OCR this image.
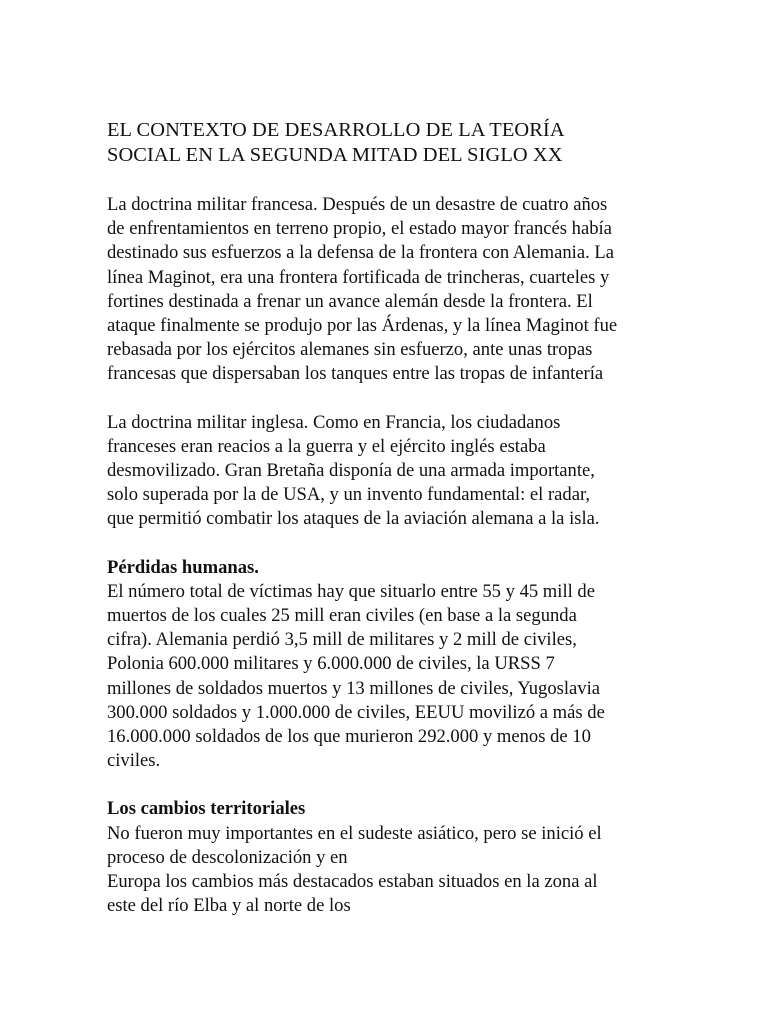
EL CONTEXTO DE DESARROLLO DE LA TEORÍA
SOCIAL EN LA SEGUNDA MITAD DEL SIGLO XX
La doctrina militar francesa. Después de un desastre de cuatro años
de enfrentamientos en terreno propio, el estado mayor francés había
destinado sus esfuerzos a la defensa de la frontera con Alemania. La
línea Maginot, era una frontera fortificada de trincheras, cuarteles y
fortines destinada a frenar un avance alemán desde la frontera. El
ataque finalmente se produjo por las Árdenas, y la línea Maginot fue
rebasada por los ejércitos alemanes sin esfuerzo, ante unas tropas
francesas que dispersaban los tanques entre las tropas de infantería
La doctrina militar inglesa. Como en Francia, los ciudadanos
franceses eran reacios a la guerra y el ejército inglés estaba
desmovilizado. Gran Bretaña disponía de una armada importante,
solo superada por la de USA, y un invento fundamental: el radar,
que permitió combatir los ataques de la aviación alemana a la isla.
Pérdidas humanas.
El número total de víctimas hay que situarlo entre 55 y 45 mill de
muertos de los cuales 25 mill eran civiles (en base a la segunda
cifra). Alemania perdió 3,5 mill de militares y 2 mill de civiles,
Polonia 600.000 militares y 6.000.000 de civiles, la URSS 7
millones de soldados muertos y 13 millones de civiles, Yugoslavia
300.000 soldados y 1.000.000 de civiles, EEUU movilizó a más de
16.000.000 soldados de los que murieron 292.000 y menos de 10
civiles.
Los cambios territoriales
No fueron muy importantes en el sudeste asiático, pero se inició el
proceso de descolonización y en
Europa los cambios más destacados estaban situados en la zona al
este del río Elba y al norte de los
